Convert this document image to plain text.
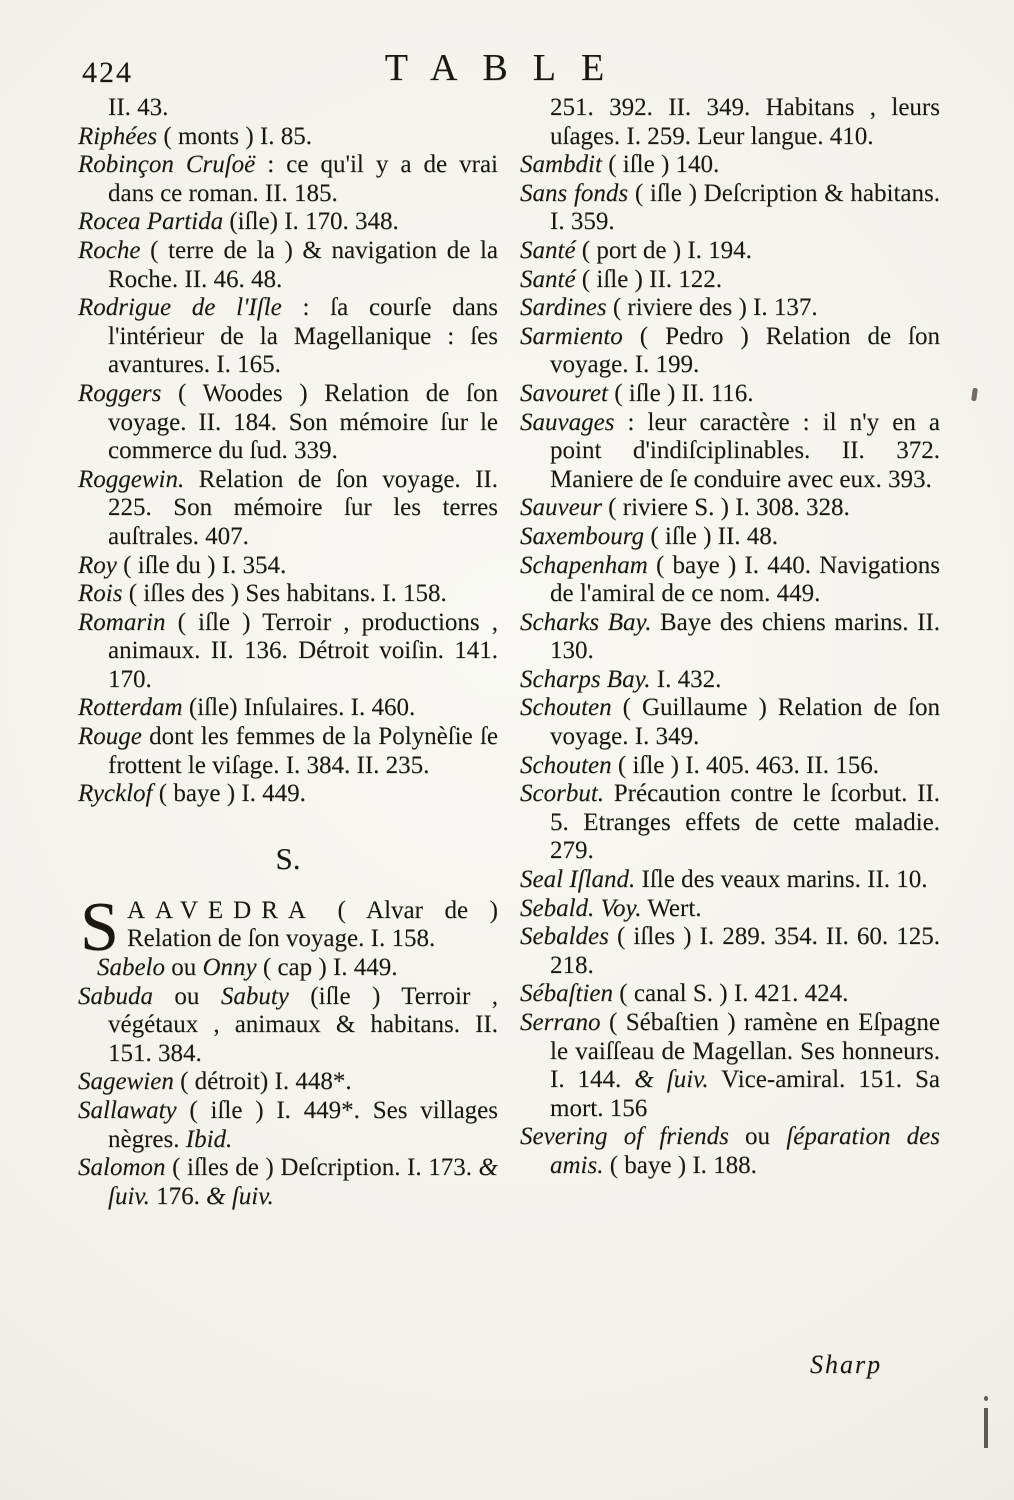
424	TABLE

II. 43.

Riphées ( monts ) I. 85.

Robinçon Cruſoë : ce qu'il y a de vrai dans ce roman. II. 185.

Rocea Partida (iſle) I. 170. 348.

Roche ( terre de la ) & navigation de la Roche. II. 46. 48.

Rodrigue de l'Iſle : ſa courſe dans l'intérieur de la Magellanique : ſes avantures. I. 165.

Roggers ( Woodes ) Relation de ſon voyage. II. 184. Son mémoire ſur le commerce du ſud. 339.

Roggewin. Relation de ſon voyage. II. 225. Son mémoire ſur les terres auſtrales. 407.

Roy ( iſle du ) I. 354.

Rois ( iſles des ) Ses habitans. I. 158.

Romarin ( iſle ) Terroir , productions , animaux. II. 136. Détroit voiſin. 141. 170.

Rotterdam (iſle) Inſulaires. I. 460.

Rouge dont les femmes de la Polynèſie ſe frottent le viſage. I. 384. II. 235.

Rycklof ( baye ) I. 449.

S.

SAAVEDRA ( Alvar de ) Relation de ſon voyage. I. 158.

Sabelo ou Onny ( cap ) I. 449.

Sabuda ou Sabuty (iſle ) Terroir , végétaux , animaux & habitans. II. 151. 384.

Sagewien ( détroit) I. 448*.

Sallawaty ( iſle ) I. 449*. Ses villages nègres. Ibid.

Salomon ( iſles de ) Deſcription. I. 173. & ſuiv. 176. & ſuiv.

251. 392. II. 349. Habitans , leurs uſages. I. 259. Leur langue. 410.

Sambdit ( iſle ) 140.

Sans fonds ( iſle ) Deſcription & habitans. I. 359.

Santé ( port de ) I. 194.

Santé ( iſle ) II. 122.

Sardines ( riviere des ) I. 137.

Sarmiento ( Pedro ) Relation de ſon voyage. I. 199.

Savouret ( iſle ) II. 116.

Sauvages : leur caractère : il n'y en a point d'indiſciplinables. II. 372. Maniere de ſe conduire avec eux. 393.

Sauveur ( riviere S. ) I. 308. 328.

Saxembourg ( iſle ) II. 48.

Schapenham ( baye ) I. 440. Navigations de l'amiral de ce nom. 449.

Scharks Bay. Baye des chiens marins. II. 130.

Scharps Bay. I. 432.

Schouten ( Guillaume ) Relation de ſon voyage. I. 349.

Schouten ( iſle ) I. 405. 463. II. 156.

Scorbut. Précaution contre le ſcorbut. II. 5. Etranges effets de cette maladie. 279.

Seal Iſland. Iſle des veaux marins. II. 10.

Sebald. Voy. Wert.

Sebaldes ( iſles ) I. 289. 354. II. 60. 125. 218.

Sébaſtien ( canal S. ) I. 421. 424.

Serrano ( Sébaſtien ) ramène en Eſpagne le vaiſſeau de Magellan. Ses honneurs. I. 144. & ſuiv. Vice-amiral. 151. Sa mort. 156

Severing of friends ou ſéparation des amis. ( baye ) I. 188.

Sharp
